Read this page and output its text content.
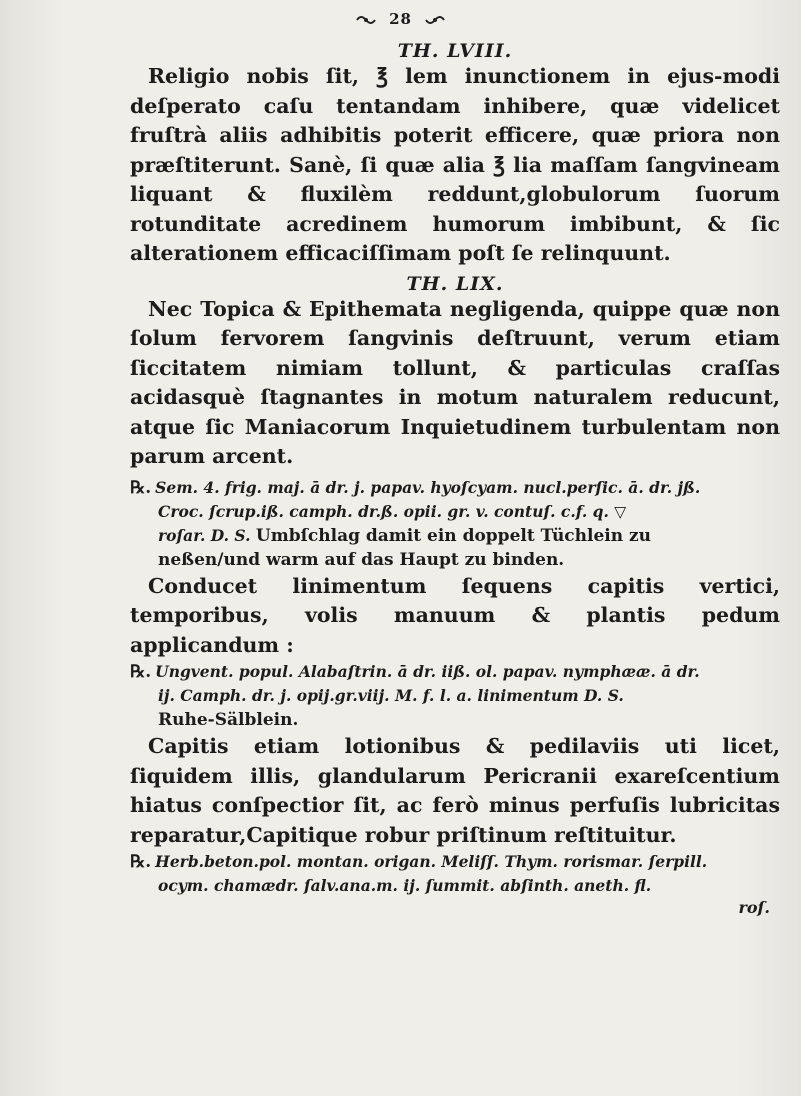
28
TH. LVIII.

Religio nobis ſit, ℥ lem inunctionem in ejus-modi deſperato caſu tentandam inhibere, quæ videlicet fruſtrà aliis adhibitis poterit efficere, quæ priora non præſtiterunt. Sanè, ſi quæ alia ℥ lia maſſam ſangvineam liquant & fluxilèm reddunt,globulorum ſuorum rotunditate acredinem humorum imbibunt, & ſic alterationem efficaciſſimam poſt ſe relinquunt.

TH. LIX.

Nec Topica & Epithemata negligenda, quippe quæ non ſolum fervorem ſangvinis deſtruunt, verum etiam ſiccitatem nimiam tollunt, & particulas craſſas acidasquè ſtagnantes in motum naturalem reducunt, atque ſic Maniacorum Inquietudinem turbulentam non parum arcent.

℞. Sem. 4. frig. maj. ā dr. j. papav. hyoſcyam. nucl.perſic. ā. dr. jß.
Croc. ſcrup.iß. camph. dr.ß. opii. gr. v. contuſ. c.f. q. ▽
roſar. D. S. Umbſchlag damit ein doppelt Tüchlein zu
neßen/und warm auf das Haupt zu binden.

Conducet linimentum ſequens capitis vertici, temporibus, volis manuum & plantis pedum applicandum :

℞. Ungvent. popul. Alabaſtrin. ā dr. iiß. ol. papav. nymphææ. ā dr.
ij. Camph. dr. j. opij.gr.viij. M. f. l. a. linimentum D. S.
Ruhe-Sälblein.

Capitis etiam lotionibus & pedilaviis uti licet, ſiquidem illis, glandularum Pericranii exareſcentium hiatus conſpectior ſit, ac ferò minus perfuſis lubricitas reparatur,Capitique robur priſtinum reſtituitur.

℞. Herb.beton.pol. montan. origan. Meliſſ. Thym. rorismar. ſerpill.
ocym. chamædr. ſalv.ana.m. ij. ſummit. abſinth. aneth. fl.
roſ.
